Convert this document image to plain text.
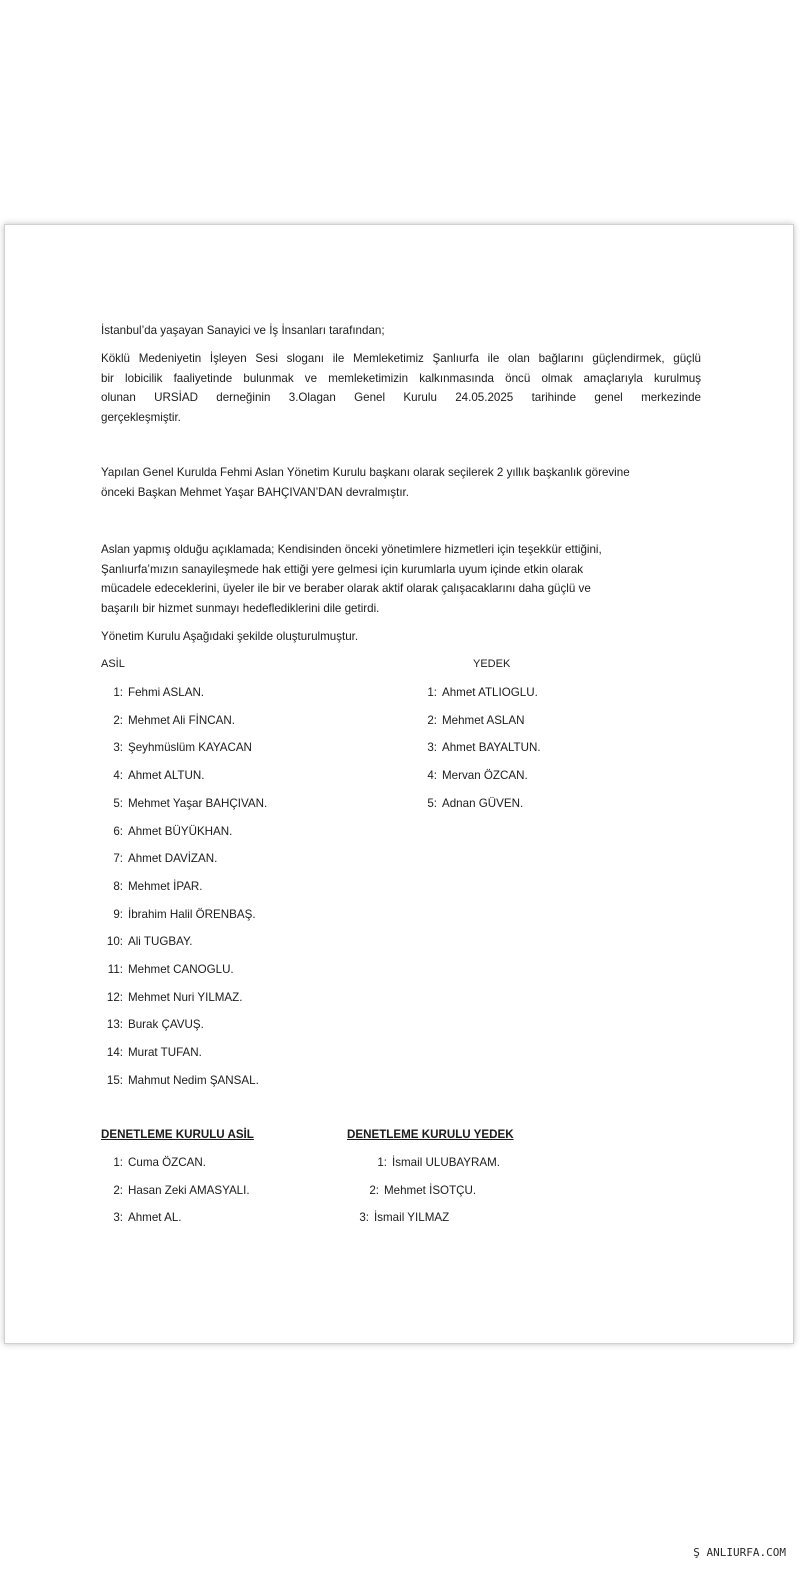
İstanbul’da yaşayan Sanayici ve İş İnsanları tarafından;
Köklü Medeniyetin İşleyen Sesi sloganı ile Memleketimiz Şanlıurfa ile olan bağlarını güçlendirmek, güçlü
bir lobicilik faaliyetinde bulunmak ve memleketimizin kalkınmasında öncü olmak amaçlarıyla kurulmuş
olunan URSİAD derneğinin 3.Olagan Genel Kurulu 24.05.2025 tarihinde genel merkezinde
gerçekleşmiştir.
Yapılan Genel Kurulda Fehmi Aslan Yönetim Kurulu başkanı olarak seçilerek 2 yıllık başkanlık görevine
önceki Başkan Mehmet Yaşar BAHÇIVAN’DAN devralmıştır.
Aslan yapmış olduğu açıklamada; Kendisinden önceki yönetimlere hizmetleri için teşekkür ettiğini,
Şanlıurfa’mızın sanayileşmede hak ettiği yere gelmesi için kurumlarla uyum içinde etkin olarak
mücadele edeceklerini, üyeler ile bir ve beraber olarak aktif olarak çalışacaklarını daha güçlü ve
başarılı bir hizmet sunmayı hedeflediklerini dile getirdi.
Yönetim Kurulu Aşağıdaki şekilde oluşturulmuştur.
ASİL	YEDEK
1: Fehmi ASLAN.
2: Mehmet Ali FİNCAN.
3: Şeyhmüslüm KAYACAN
4: Ahmet ALTUN.
5: Mehmet Yaşar BAHÇIVAN.
6: Ahmet BÜYÜKHAN.
7: Ahmet DAVİZAN.
8: Mehmet İPAR.
9: İbrahim Halil ÖRENBAŞ.
10: Ali TUGBAY.
11: Mehmet CANOGLU.
12: Mehmet Nuri YILMAZ.
13: Burak ÇAVUŞ.
14: Murat TUFAN.
15: Mahmut Nedim ŞANSAL.
1: Ahmet ATLIOGLU.
2: Mehmet ASLAN
3: Ahmet BAYALTUN.
4: Mervan ÖZCAN.
5: Adnan GÜVEN.
DENETLEME KURULU ASİL	DENETLEME KURULU YEDEK
1: Cuma ÖZCAN.
2: Hasan Zeki AMASYALI.
3: Ahmet AL.
1: İsmail ULUBAYRAM.
2: Mehmet İSOTÇU.
3: İsmail YILMAZ
Ş ANLIURFA.COM
